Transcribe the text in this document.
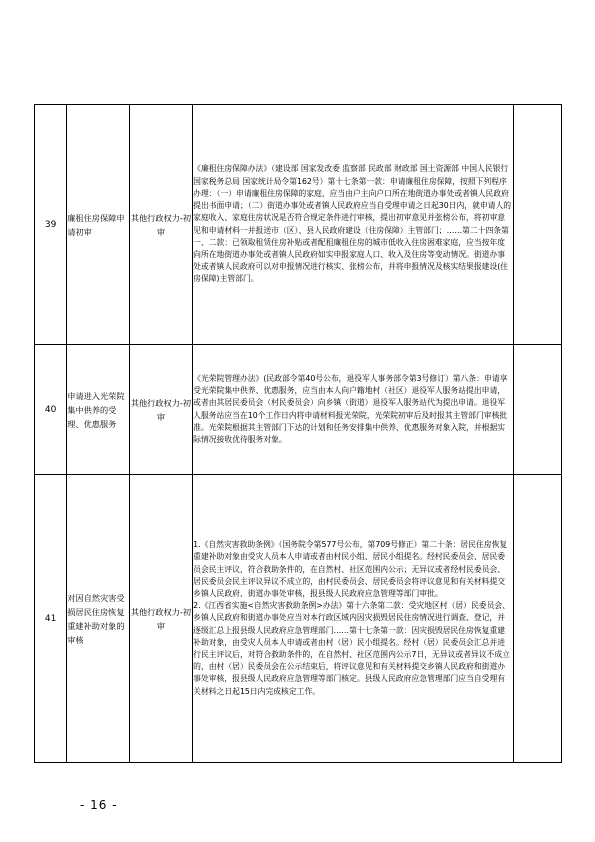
39	廉租住房保障申请初审	其他行政权力-初审	《廉租住房保障办法》（建设部 国家发改委 监察部 民政部 财政部 国土资源部 中国人民银行 国家税务总局 国家统计局令第162号）第十七条第一款：申请廉租住房保障，按照下列程序办理：（一）申请廉租住房保障的家庭，应当由户主向户口所在地街道办事处或者镇人民政府提出书面申请；（二）街道办事处或者镇人民政府应当自受理申请之日起30日内，就申请人的家庭收入、家庭住房状况是否符合规定条件进行审核，提出初审意见并张榜公布，将初审意见和申请材料一并报送市（区）、县人民政府建设（住房保障）主管部门；……第二十四条第一、二款：已领取租赁住房补贴或者配租廉租住房的城市低收入住房困难家庭，应当按年度向所在地街道办事处或者镇人民政府如实申报家庭人口、收入及住房等变动情况。街道办事处或者镇人民政府可以对申报情况进行核实、张榜公布，并将申报情况及核实结果报建设(住房保障)主管部门。	

40	申请进入光荣院集中供养的受理、优惠服务	其他行政权力-初审	《光荣院管理办法》(民政部令第40号公布，退役军人事务部令第3号修订）第八条：申请享受光荣院集中供养、优惠服务，应当由本人向户籍地村（社区）退役军人服务站提出申请，或者由其居民委员会（村民委员会）向乡镇（街道）退役军人服务站代为提出申请。退役军人服务站应当在10个工作日内将申请材料报光荣院，光荣院初审后及时报其主管部门审核批准。光荣院根据其主管部门下达的计划和任务安排集中供养、优惠服务对象入院，并根据实际情况接收优待服务对象。	

41	对因自然灾害受损居民住房恢复重建补助对象的审核	其他行政权力-初审	1.《自然灾害救助条例》（国务院令第577号公布，第709号修正）第二十条：居民住房恢复重建补助对象由受灾人员本人申请或者由村民小组、居民小组提名。经村民委员会、居民委员会民主评议，符合救助条件的，在自然村、社区范围内公示；无异议或者经村民委员会、居民委员会民主评议异议不成立的，由村民委员会、居民委员会将评议意见和有关材料提交乡镇人民政府、街道办事处审核，报县级人民政府应急管理等部门审批。
2.《江西省实施<自然灾害救助条例>办法》第十六条第二款：受灾地区村（居）民委员会、乡镇人民政府和街道办事处应当对本行政区域内因灾损毁居民住房情况进行调查、登记，并逐级汇总上报县级人民政府应急管理部门……第十七条第一款：因灾损毁居民住房恢复重建补助对象，由受灾人员本人申请或者由村（居）民小组提名。经村（居）民委员会汇总并进行民主评议后，对符合救助条件的，在自然村、社区范围内公示7日，无异议或者异议不成立的，由村（居）民委员会在公示结束后，将评议意见和有关材料提交乡镇人民政府和街道办事处审核，报县级人民政府应急管理等部门核定。县级人民政府应急管理部门应当自受理有关材料之日起15日内完成核定工作。	

- 16 -
